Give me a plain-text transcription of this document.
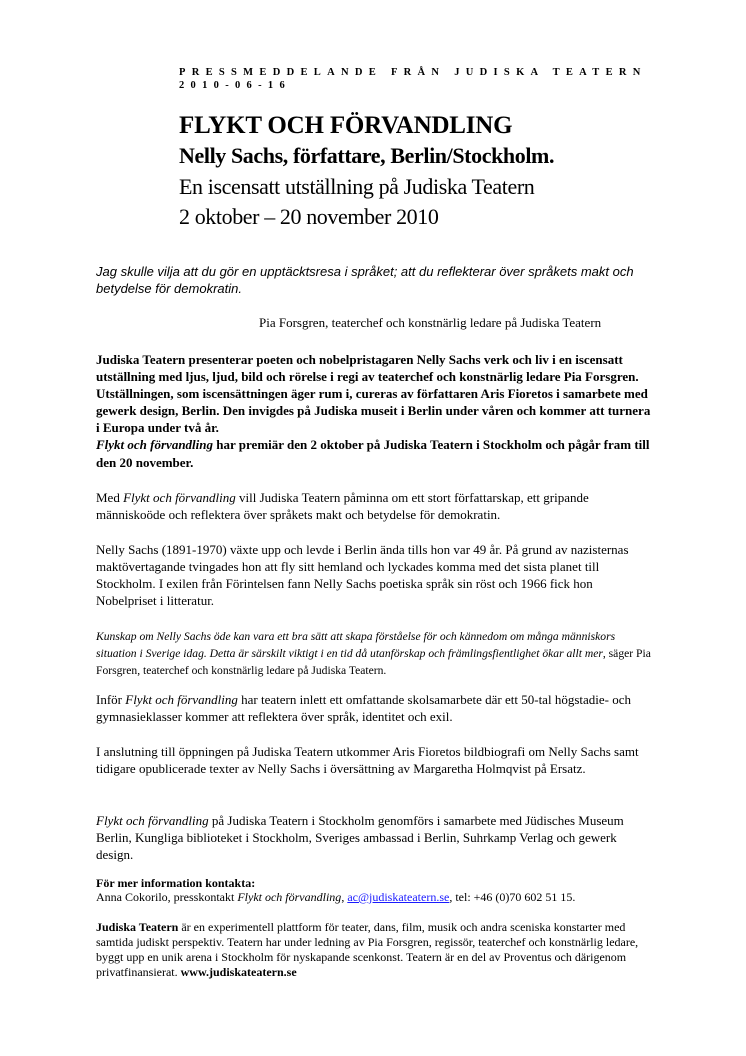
PRESSMEDDELANDE FRÅN JUDISKA TEATERN
2010-06-16
FLYKT OCH FÖRVANDLING
Nelly Sachs, författare, Berlin/Stockholm.
En iscensatt utställning på Judiska Teatern
2 oktober – 20 november 2010
Jag skulle vilja att du gör en upptäcktsresa i språket; att du reflekterar över språkets makt och betydelse för demokratin.
Pia Forsgren, teaterchef och konstnärlig ledare på Judiska Teatern
Judiska Teatern presenterar poeten och nobelpristagaren Nelly Sachs verk och liv i en iscensatt utställning med ljus, ljud, bild och rörelse i regi av teaterchef och konstnärlig ledare Pia Forsgren. Utställningen, som iscensättningen äger rum i, cureras av författaren Aris Fioretos i samarbete med gewerk design, Berlin. Den invigdes på Judiska museit i Berlin under våren och kommer att turnera i Europa under två år.
Flykt och förvandling har premiär den 2 oktober på Judiska Teatern i Stockholm och pågår fram till den 20 november.
Med Flykt och förvandling vill Judiska Teatern påminna om ett stort författarskap, ett gripande människoöde och reflektera över språkets makt och betydelse för demokratin.
Nelly Sachs (1891-1970) växte upp och levde i Berlin ända tills hon var 49 år. På grund av nazisternas maktövertagande tvingades hon att fly sitt hemland och lyckades komma med det sista planet till Stockholm. I exilen från Förintelsen fann Nelly Sachs poetiska språk sin röst och 1966 fick hon Nobelpriset i litteratur.
Kunskap om Nelly Sachs öde kan vara ett bra sätt att skapa förståelse för och kännedom om många människors situation i Sverige idag. Detta är särskilt viktigt i en tid då utanförskap och främlingsfientlighet ökar allt mer, säger Pia Forsgren, teaterchef och konstnärlig ledare på Judiska Teatern.
Inför Flykt och förvandling har teatern inlett ett omfattande skolsamarbete där ett 50-tal högstadie- och gymnasieklasser kommer att reflektera över språk, identitet och exil.
I anslutning till öppningen på Judiska Teatern utkommer Aris Fioretos bildbiografi om Nelly Sachs samt tidigare opublicerade texter av Nelly Sachs i översättning av Margaretha Holmqvist på Ersatz.
Flykt och förvandling på Judiska Teatern i Stockholm genomförs i samarbete med Jüdisches Museum Berlin, Kungliga biblioteket i Stockholm, Sveriges ambassad i Berlin, Suhrkamp Verlag och gewerk design.
För mer information kontakta:
Anna Cokorilo, presskontakt Flykt och förvandling, ac@judiskateatern.se, tel: +46 (0)70 602 51 15.
Judiska Teatern är en experimentell plattform för teater, dans, film, musik och andra sceniska konstarter med samtida judiskt perspektiv. Teatern har under ledning av Pia Forsgren, regissör, teaterchef och konstnärlig ledare, byggt upp en unik arena i Stockholm för nyskapande scenkonst. Teatern är en del av Proventus och därigenom privatfinansierat. www.judiskateatern.se
